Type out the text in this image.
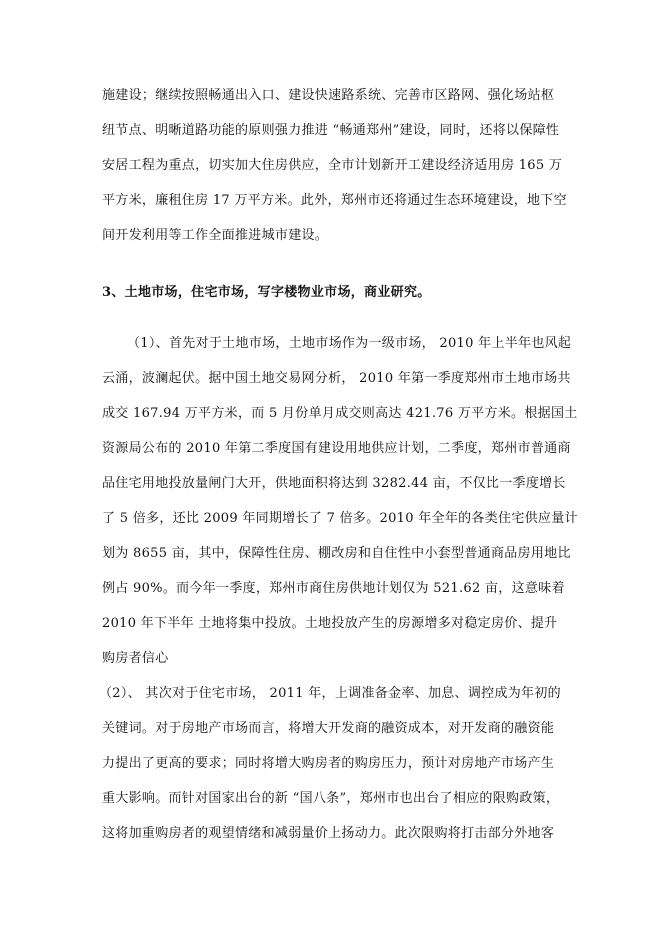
施建设；继续按照畅通出入口、建设快速路系统、完善市区路网、强化场站枢
纽节点、明晰道路功能的原则强力推进 “畅通郑州”建设，同时，还将以保障性
安居工程为重点，切实加大住房供应，全市计划新开工建设经济适用房 165 万
平方米，廉租住房 17 万平方米。此外，郑州市还将通过生态环境建设，地下空
间开发利用等工作全面推进城市建设。
3、土地市场，住宅市场，写字楼物业市场，商业研究。
（1）、首先对于土地市场，土地市场作为一级市场， 2010 年上半年也风起
云涌，波澜起伏。据中国土地交易网分析， 2010 年第一季度郑州市土地市场共
成交 167.94 万平方米，而 5 月份单月成交则高达 421.76 万平方米。根据国土
资源局公布的 2010 年第二季度国有建设用地供应计划，二季度，郑州市普通商
品住宅用地投放量闸门大开，供地面积将达到 3282.44 亩，不仅比一季度增长
了 5 倍多，还比 2009 年同期增长了 7 倍多。2010 年全年的各类住宅供应量计
划为 8655 亩，其中，保障性住房、棚改房和自住性中小套型普通商品房用地比
例占 90%。而今年一季度，郑州市商住房供地计划仅为 521.62 亩，这意味着
2010 年下半年 土地将集中投放。土地投放产生的房源增多对稳定房价、提升
购房者信心
（2）、 其次对于住宅市场， 2011 年，上调准备金率、加息、调控成为年初的
关键词。对于房地产市场而言，将增大开发商的融资成本，对开发商的融资能
力提出了更高的要求；同时将增大购房者的购房压力，预计对房地产市场产生
重大影响。而针对国家出台的新 “国八条”，郑州市也出台了相应的限购政策，
这将加重购房者的观望情绪和减弱量价上扬动力。此次限购将打击部分外地客
